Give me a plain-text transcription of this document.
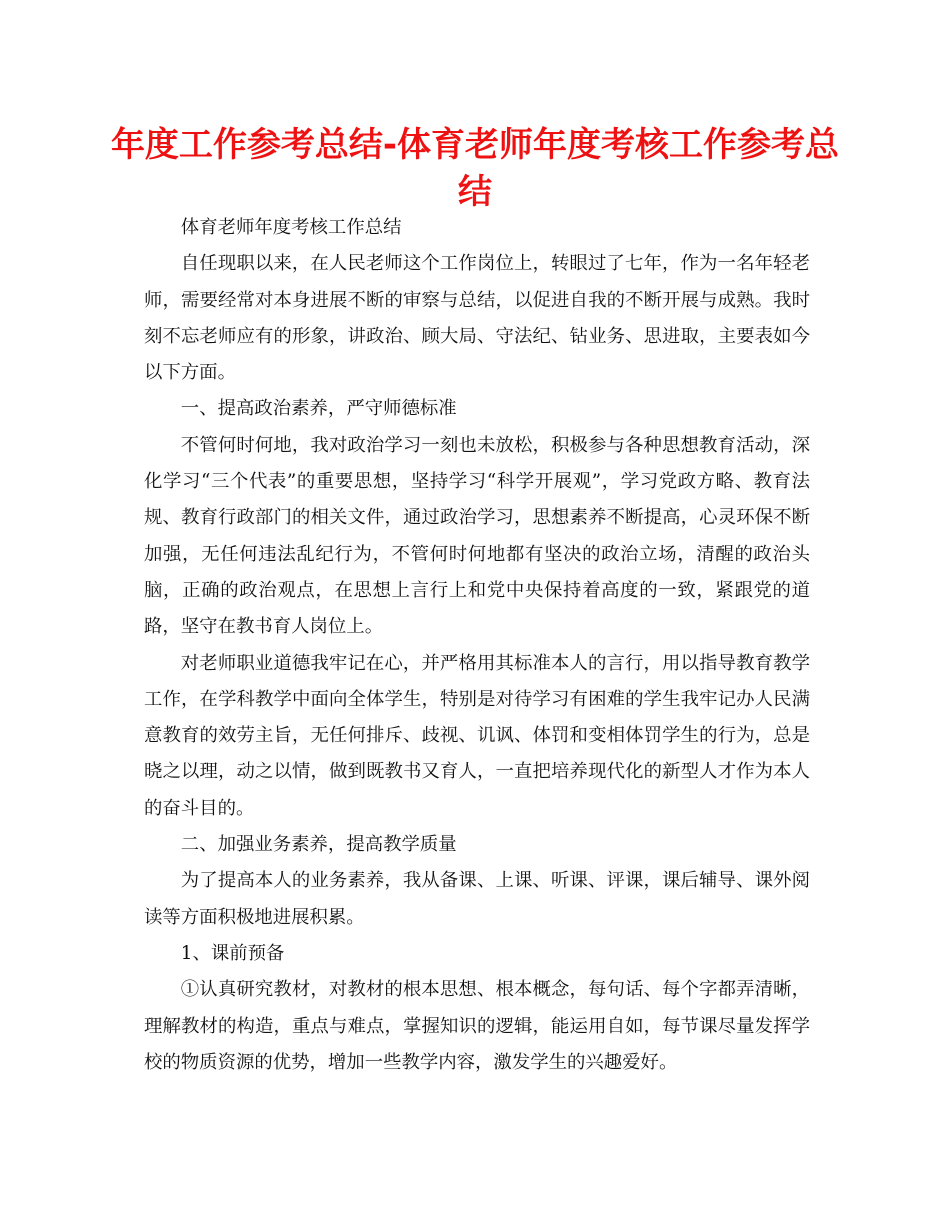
年度工作参考总结-体育老师年度考核工作参考总结

体育老师年度考核工作总结

自任现职以来，在人民老师这个工作岗位上，转眼过了七年，作为一名年轻老师，需要经常对本身进展不断的审察与总结，以促进自我的不断开展与成熟。我时刻不忘老师应有的形象，讲政治、顾大局、守法纪、钻业务、思进取，主要表如今以下方面。

一、提高政治素养，严守师德标准

不管何时何地，我对政治学习一刻也未放松，积极参与各种思想教育活动，深化学习“三个代表”的重要思想，坚持学习“科学开展观”，学习党政方略、教育法规、教育行政部门的相关文件，通过政治学习，思想素养不断提高，心灵环保不断加强，无任何违法乱纪行为，不管何时何地都有坚决的政治立场，清醒的政治头脑，正确的政治观点，在思想上言行上和党中央保持着高度的一致，紧跟党的道路，坚守在教书育人岗位上。

对老师职业道德我牢记在心，并严格用其标准本人的言行，用以指导教育教学工作，在学科教学中面向全体学生，特别是对待学习有困难的学生我牢记办人民满意教育的效劳主旨，无任何排斥、歧视、讥讽、体罚和变相体罚学生的行为，总是晓之以理，动之以情，做到既教书又育人，一直把培养现代化的新型人才作为本人的奋斗目的。

二、加强业务素养，提高教学质量

为了提高本人的业务素养，我从备课、上课、听课、评课，课后辅导、课外阅读等方面积极地进展积累。

1、课前预备

①认真研究教材，对教材的根本思想、根本概念，每句话、每个字都弄清晰，理解教材的构造，重点与难点，掌握知识的逻辑，能运用自如，每节课尽量发挥学校的物质资源的优势，增加一些教学内容，激发学生的兴趣爱好。
